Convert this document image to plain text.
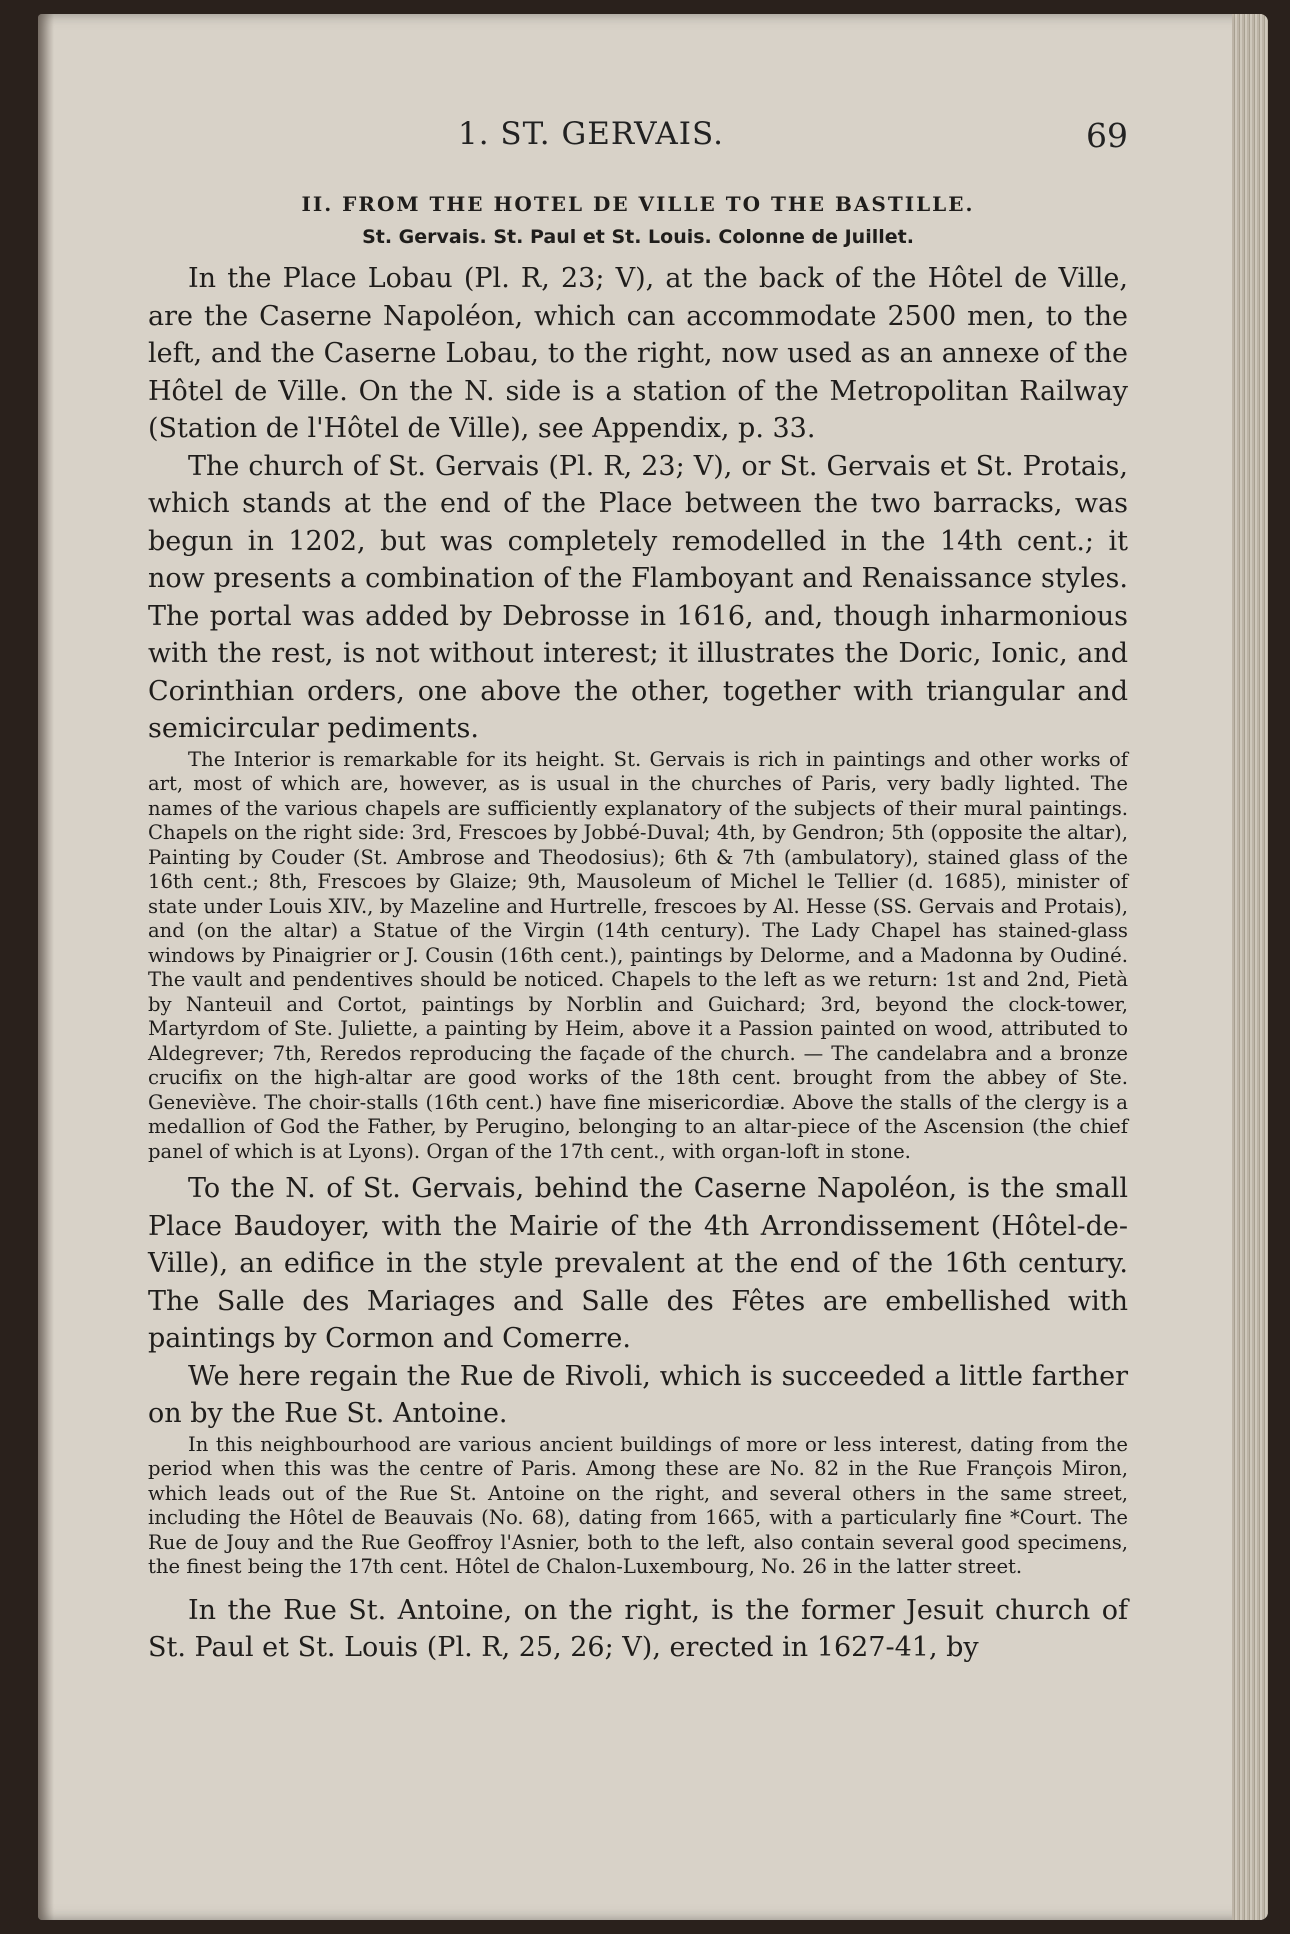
1. ST. GERVAIS.	69
II. FROM THE HOTEL DE VILLE TO THE BASTILLE.
St. Gervais. St. Paul et St. Louis. Colonne de Juillet.

In the Place Lobau (Pl. R, 23; V), at the back of the Hôtel de Ville, are the Caserne Napoléon, which can accommodate 2500 men, to the left, and the Caserne Lobau, to the right, now used as an annexe of the Hôtel de Ville. On the N. side is a station of the Metropolitan Railway (Station de l'Hôtel de Ville), see Appendix, p. 33.

The church of St. Gervais (Pl. R, 23; V), or St. Gervais et St. Protais, which stands at the end of the Place between the two barracks, was begun in 1202, but was completely remodelled in the 14th cent.; it now presents a combination of the Flamboyant and Renaissance styles. The portal was added by Debrosse in 1616, and, though inharmonious with the rest, is not without interest; it illustrates the Doric, Ionic, and Corinthian orders, one above the other, together with triangular and semicircular pediments.

The Interior is remarkable for its height. St. Gervais is rich in paintings and other works of art, most of which are, however, as is usual in the churches of Paris, very badly lighted. The names of the various chapels are sufficiently explanatory of the subjects of their mural paintings. Chapels on the right side: 3rd, Frescoes by Jobbé-Duval; 4th, by Gendron; 5th (opposite the altar), Painting by Couder (St. Ambrose and Theodosius); 6th & 7th (ambulatory), stained glass of the 16th cent.; 8th, Frescoes by Glaize; 9th, Mausoleum of Michel le Tellier (d. 1685), minister of state under Louis XIV., by Mazeline and Hurtrelle, frescoes by Al. Hesse (SS. Gervais and Protais), and (on the altar) a Statue of the Virgin (14th century). The Lady Chapel has stained-glass windows by Pinaigrier or J. Cousin (16th cent.), paintings by Delorme, and a Madonna by Oudiné. The vault and pendentives should be noticed. Chapels to the left as we return: 1st and 2nd, Pietà by Nanteuil and Cortot, paintings by Norblin and Guichard; 3rd, beyond the clock-tower, Martyrdom of Ste. Juliette, a painting by Heim, above it a Passion painted on wood, attributed to Aldegrever; 7th, Reredos reproducing the façade of the church. — The candelabra and a bronze crucifix on the high-altar are good works of the 18th cent. brought from the abbey of Ste. Geneviève. The choir-stalls (16th cent.) have fine misericordiæ. Above the stalls of the clergy is a medallion of God the Father, by Perugino, belonging to an altar-piece of the Ascension (the chief panel of which is at Lyons). Organ of the 17th cent., with organ-loft in stone.

To the N. of St. Gervais, behind the Caserne Napoléon, is the small Place Baudoyer, with the Mairie of the 4th Arrondissement (Hôtel-de-Ville), an edifice in the style prevalent at the end of the 16th century. The Salle des Mariages and Salle des Fêtes are embellished with paintings by Cormon and Comerre.

We here regain the Rue de Rivoli, which is succeeded a little farther on by the Rue St. Antoine.

In this neighbourhood are various ancient buildings of more or less interest, dating from the period when this was the centre of Paris. Among these are No. 82 in the Rue François Miron, which leads out of the Rue St. Antoine on the right, and several others in the same street, including the Hôtel de Beauvais (No. 68), dating from 1665, with a particularly fine *Court. The Rue de Jouy and the Rue Geoffroy l'Asnier, both to the left, also contain several good specimens, the finest being the 17th cent. Hôtel de Chalon-Luxembourg, No. 26 in the latter street.

In the Rue St. Antoine, on the right, is the former Jesuit church of St. Paul et St. Louis (Pl. R, 25, 26; V), erected in 1627-41, by
